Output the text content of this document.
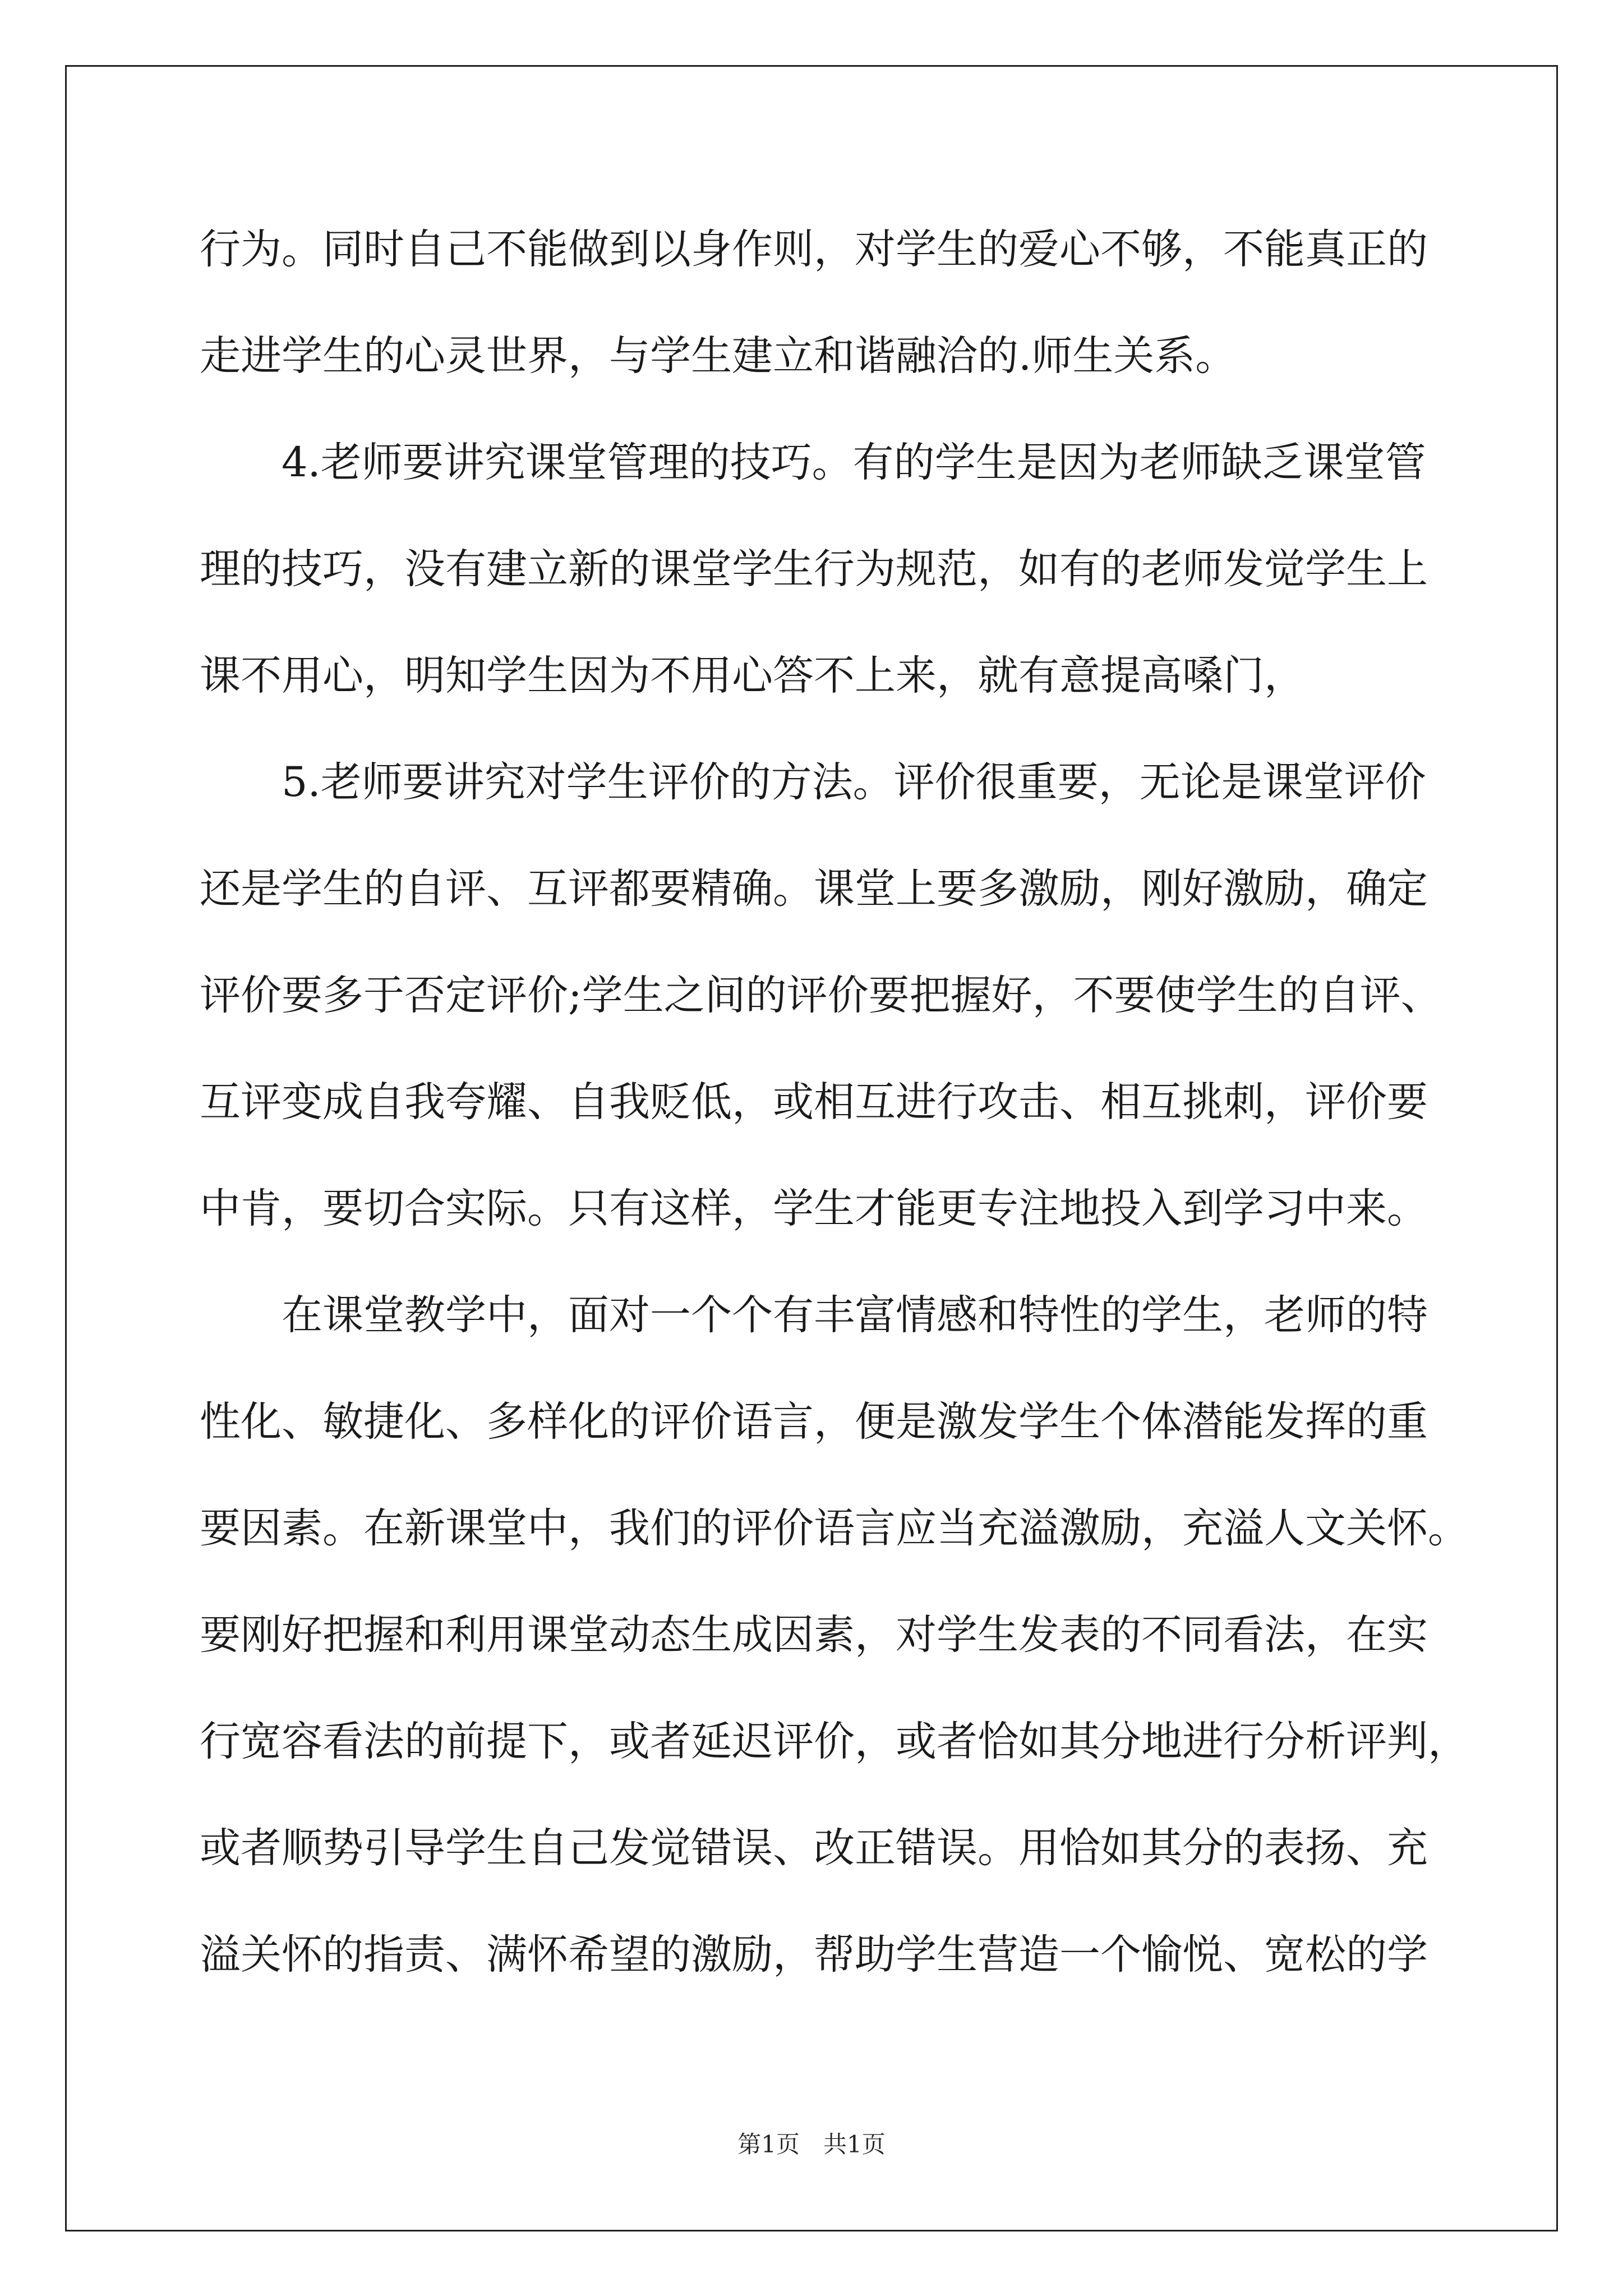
行为。同时自己不能做到以身作则，对学生的爱心不够，不能真正的
走进学生的心灵世界，与学生建立和谐融洽的.师生关系。
　　4.老师要讲究课堂管理的技巧。有的学生是因为老师缺乏课堂管
理的技巧，没有建立新的课堂学生行为规范，如有的老师发觉学生上
课不用心，明知学生因为不用心答不上来，就有意提高嗓门，
　　5.老师要讲究对学生评价的方法。评价很重要，无论是课堂评价
还是学生的自评、互评都要精确。课堂上要多激励，刚好激励，确定
评价要多于否定评价;学生之间的评价要把握好，不要使学生的自评、
互评变成自我夸耀、自我贬低，或相互进行攻击、相互挑刺，评价要
中肯，要切合实际。只有这样，学生才能更专注地投入到学习中来。
　　在课堂教学中，面对一个个有丰富情感和特性的学生，老师的特
性化、敏捷化、多样化的评价语言，便是激发学生个体潜能发挥的重
要因素。在新课堂中，我们的评价语言应当充溢激励，充溢人文关怀。
要刚好把握和利用课堂动态生成因素，对学生发表的不同看法，在实
行宽容看法的前提下，或者延迟评价，或者恰如其分地进行分析评判，
或者顺势引导学生自己发觉错误、改正错误。用恰如其分的表扬、充
溢关怀的指责、满怀希望的激励，帮助学生营造一个愉悦、宽松的学
第1页　共1页
